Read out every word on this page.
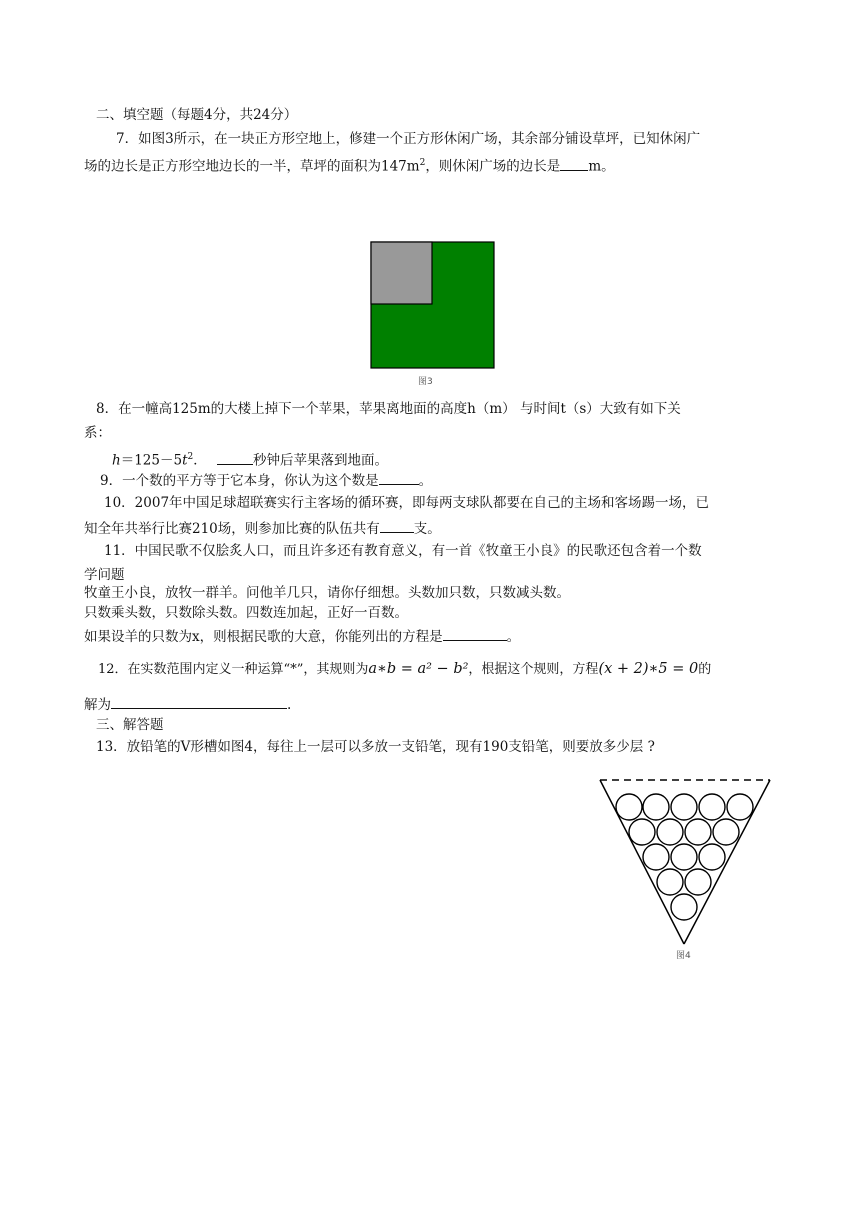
二、填空题（每题4分，共24分）
7．如图3所示，在一块正方形空地上，修建一个正方形休闲广场，其余部分铺设草坪，已知休闲广
场的边长是正方形空地边长的一半，草坪的面积为$147m^2$，则休闲广场的边长是 m。
图3
8．在一幢高125m的大楼上掉下一个苹果，苹果离地面的高度h（m） 与时间t（s）大致有如下关
系：
$h=125-5t^2$．	秒钟后苹果落到地面。
9．一个数的平方等于它本身，你认为这个数是	。
10．2007年中国足球超联赛实行主客场的循环赛，即每两支球队都要在自己的主场和客场踢一场，已
知全年共举行比赛210场，则参加比赛的队伍共有	支。
11．中国民歌不仅脍炙人口，而且许多还有教育意义，有一首《牧童王小良》的民歌还包含着一个数
学问题
牧童王小良，放牧一群羊。问他羊几只，请你仔细想。头数加只数，只数减头数。
只数乘头数，只数除头数。四数连加起，正好一百数。
如果设羊的只数为x，则根据民歌的大意，你能列出的方程是	。
12．在实数范围内定义一种运算“*”，其规则为a∗b = a² − b²，根据这个规则，方程(x + 2)∗5 = 0的
解为	.
三、解答题
13．放铅笔的V形槽如图4，每往上一层可以多放一支铅笔，现有190支铅笔，则要放多少层 ?
图4
